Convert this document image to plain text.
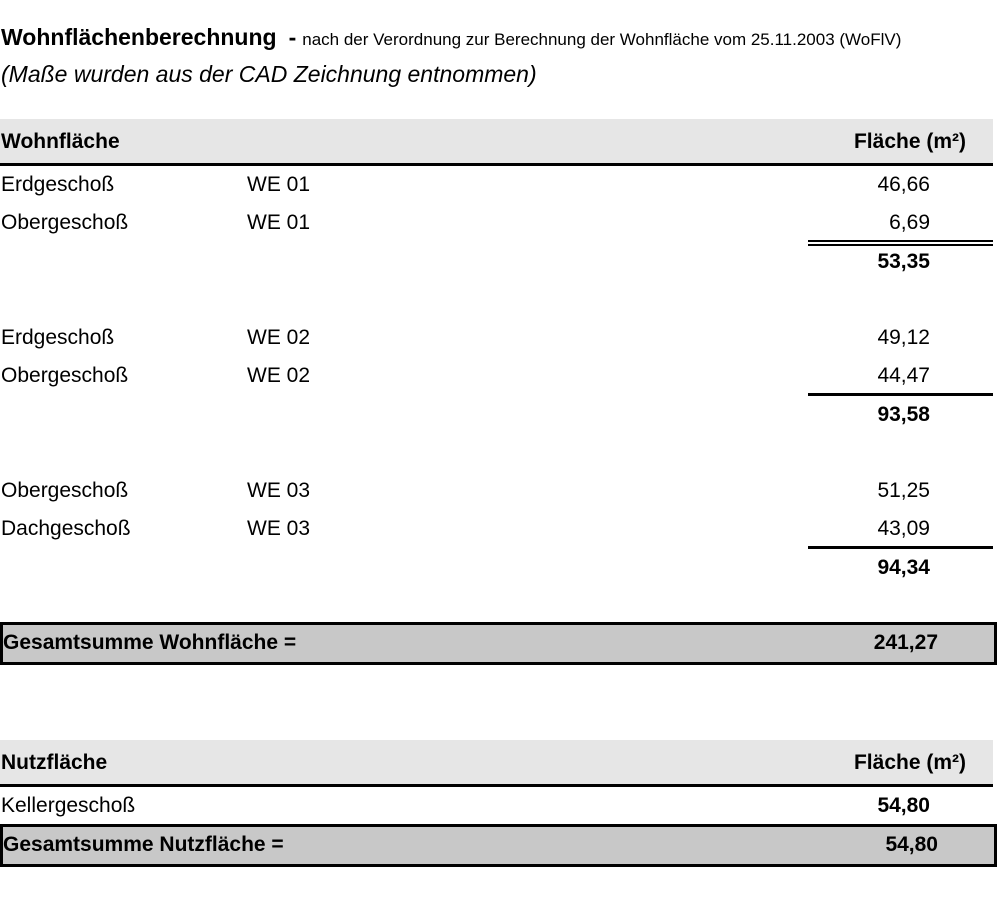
Wohnflächenberechnung - nach der Verordnung zur Berechnung der Wohnfläche vom 25.11.2003 (WoFlV)
(Maße wurden aus der CAD Zeichnung entnommen)
Wohnfläche	Fläche (m²)
Erdgeschoß	WE 01	46,66
Obergeschoß	WE 01	6,69
53,35
Erdgeschoß	WE 02	49,12
Obergeschoß	WE 02	44,47
93,58
Obergeschoß	WE 03	51,25
Dachgeschoß	WE 03	43,09
94,34
Gesamtsumme Wohnfläche =	241,27
Nutzfläche	Fläche (m²)
Kellergeschoß	54,80
Gesamtsumme Nutzfläche =	54,80
